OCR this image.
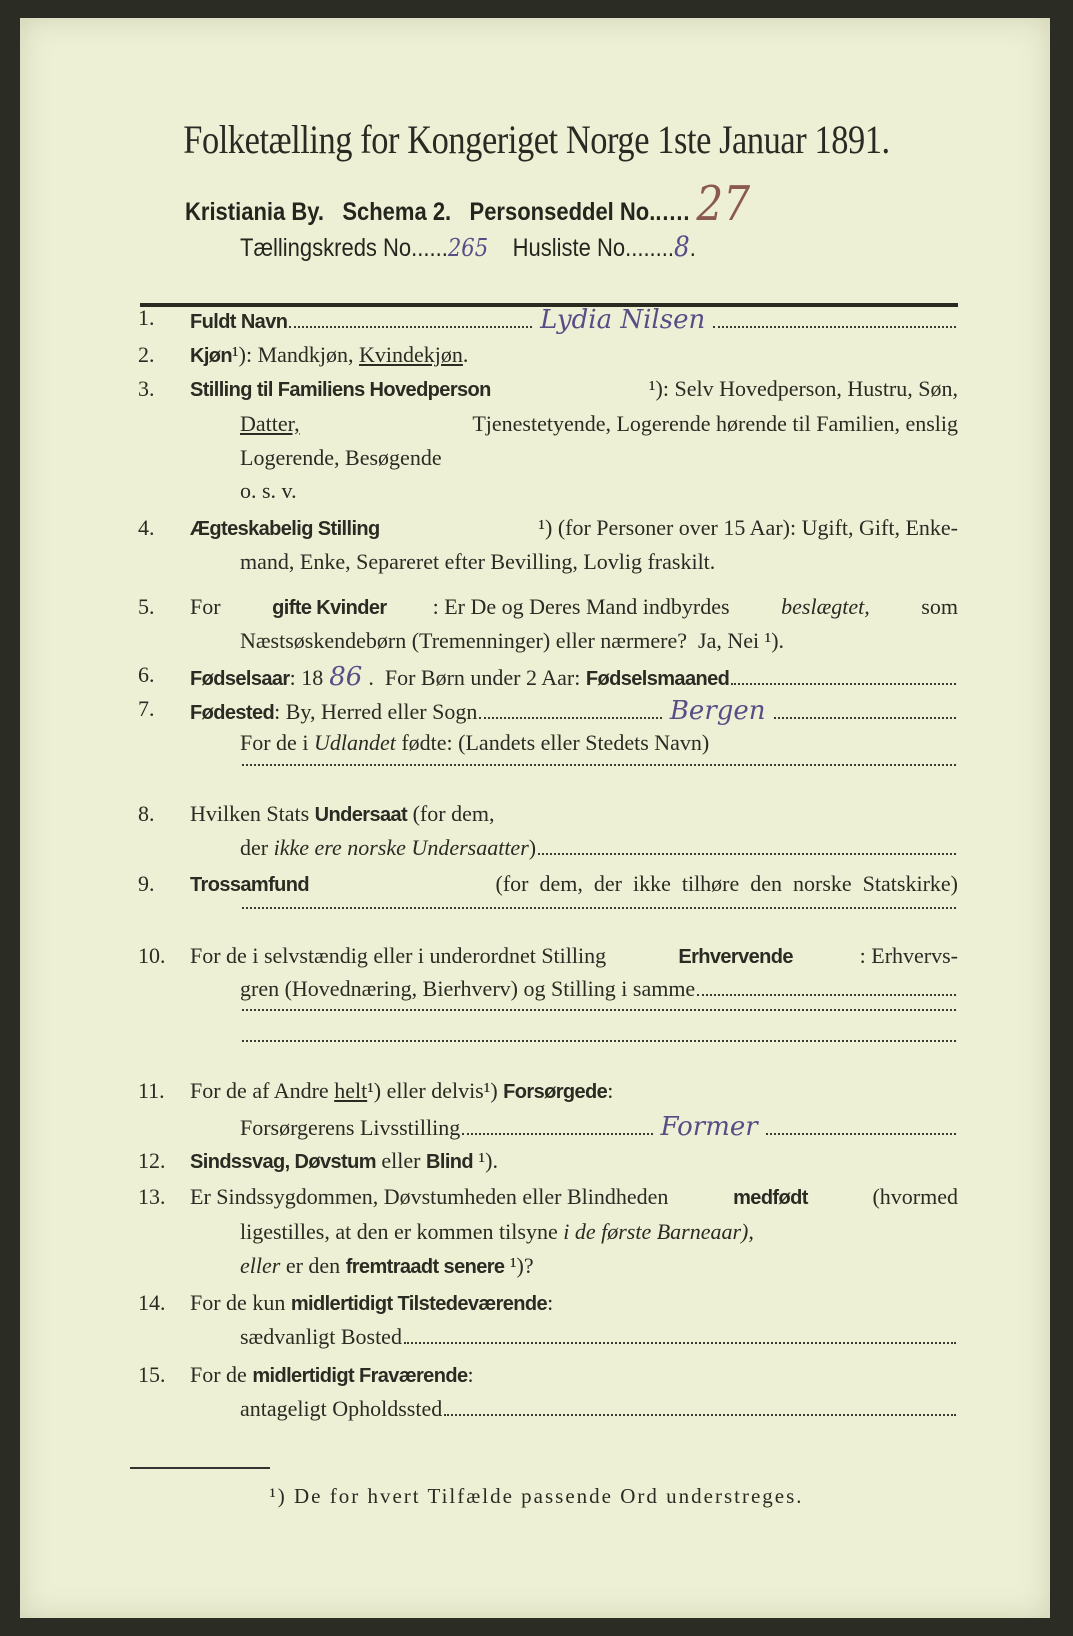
Folketælling for Kongeriget Norge 1ste Januar 1891.
Kristiania By. Schema 2. Personseddel No...... 27
Tællingskreds No......265 Husliste No........8.
1.	Fuldt Navn	Lydia Nilsen
2.	Kjøn ¹): Mandkjøn, Kvindekjøn .
3.	Stilling til Familiens Hovedperson	¹): Selv Hovedperson, Hustru, Søn,
Datter,	Tjenestetyende, Logerende hørende til Familien, enslig
Logerende, Besøgende
o. s. v.
4.	Ægteskabelig Stilling	¹) (for Personer over 15 Aar): Ugift, Gift, Enke-
mand, Enke, Separeret efter Bevilling, Lovlig fraskilt.
5.	For gifte Kvinder : Er De og Deres Mand indbyrdes beslægtet, som
Næstsøskendebørn (Tremenninger) eller nærmere?  Ja, Nei ¹).
6.	Fødselsaar : 18 86 .  For Børn under 2 Aar: Fødselsmaaned
7.	Fødested : By, Herred eller Sogn	Bergen
For de i Udlandet fødte: (Landets eller Stedets Navn)
8.	Hvilken Stats Undersaat (for dem,
der ikke ere norske Undersaatter )
9.	Trossamfund	(for  dem,  der  ikke  tilhøre  den  norske  Statskirke)
10.	For de i selvstændig eller i underordnet Stilling	Erhvervende	: Erhvervs-
gren (Hovednæring, Bierhverv) og Stilling i samme
11.	For de af Andre helt ¹) eller delvis¹) Forsørgede :
Forsørgerens Livsstilling	Former
12.	Sindssvag, Døvstum eller Blind ¹).
13.	Er Sindssygdommen, Døvstumheden eller Blindheden	medfødt	(hvormed
ligestilles, at den er kommen tilsyne i de første Barneaar),
eller er den fremtraadt senere ¹)?
14.	For de kun midlertidigt Tilstedeværende :
sædvanligt Bosted
15.	For de midlertidigt Fraværende :
antageligt Opholdssted
¹) De for hvert Tilfælde passende Ord understreges.
